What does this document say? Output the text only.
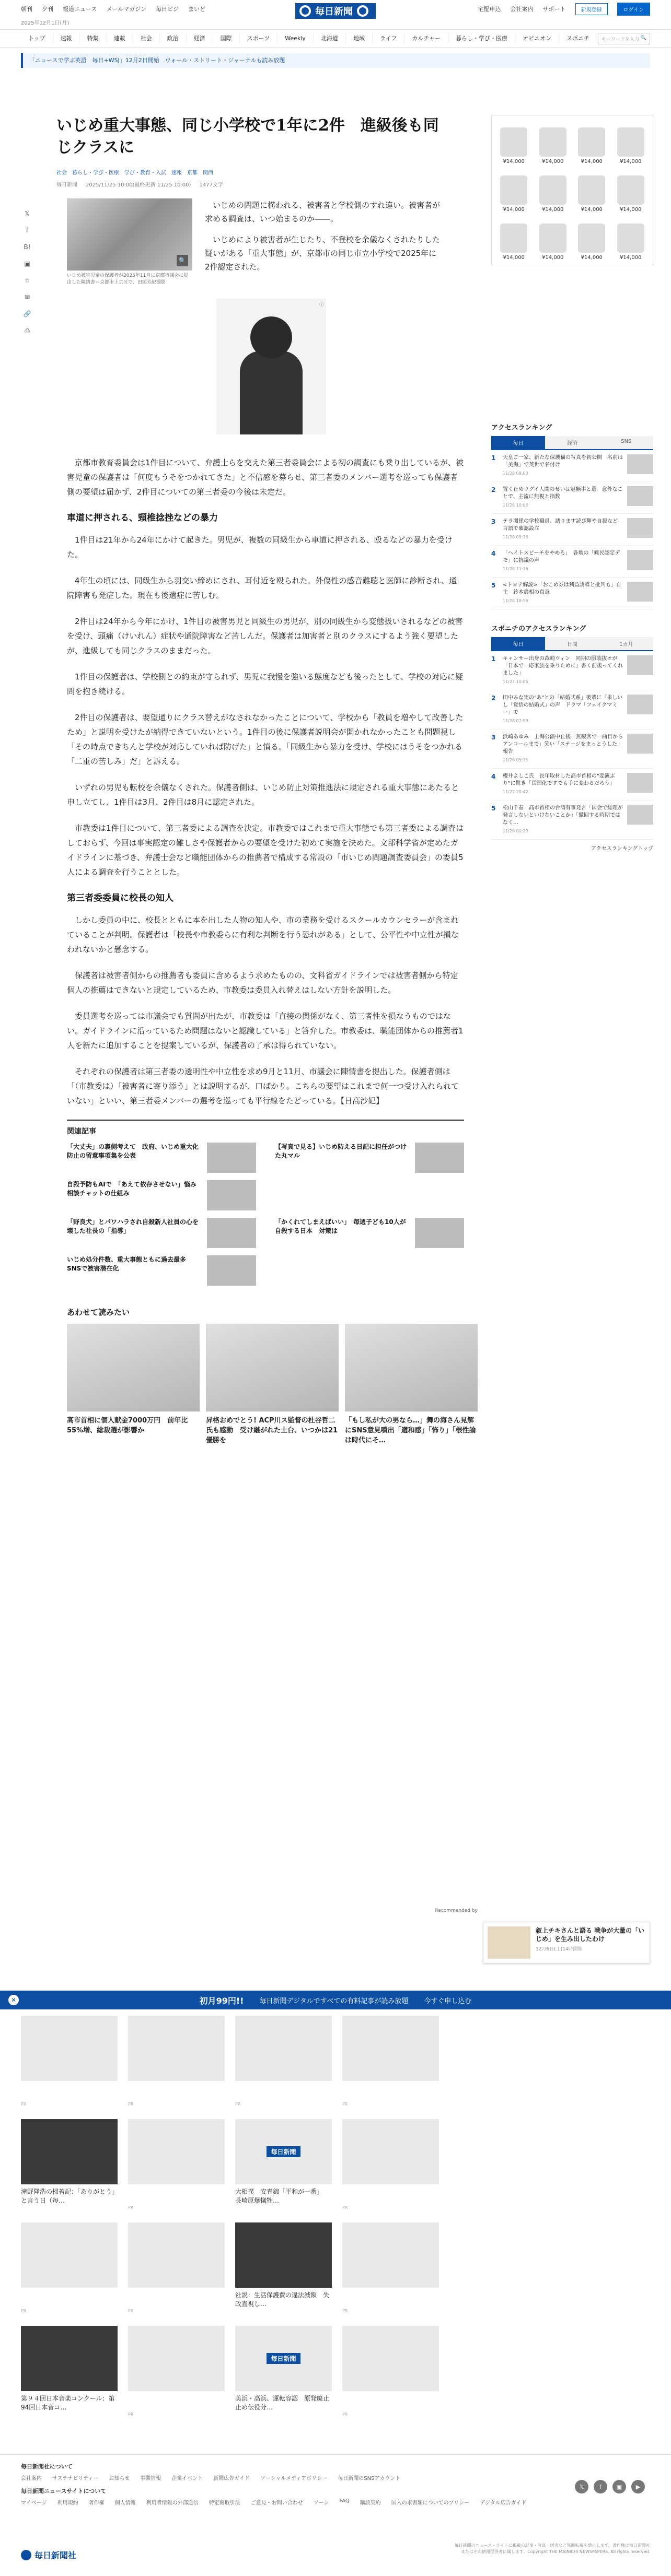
朝刊 夕刊 報道ニュース メールマガジン 毎日ビジ まいど	毎日新聞	宅配申込 会社案内 サポート	新規登録	ログイン
2025年12月1日(月)
トップ	速報	特集	連載	社会	政治	経済	国際	スポーツ	Weekly	北海道	地域	ライフ	カルチャー	暮らし・学び・医療	オピニオン	スポニチ	キーワードを入力 🔍
「ニュースで学ぶ英語　毎日+WSJ」12月2日開始　ウォール・ストリート・ジャーナルも読み放題
𝕏
f
B!
▣
☆
✉
🔗
⎙
いじめ重大事態、同じ小学校で1年に2件　進級後も同じクラスに
社会 暮らし・学び・医療 学び・教育・入試 速報 京都 関西
毎日新聞 2025/11/25 10:00(最終更新 11/25 10:00) 1477文字
🔍
いじめ被害児童の保護者が2025年11月に京都市議会に提出した陳情書＝京都市上京区で、田頭芳紀撮影

いじめの問題に構われる、被害者と学校側のすれ違い。被害者が求める調査は、いつ始まるのか――。

いじめにより被害者が生じたり、不登校を余儀なくされたりした疑いがある「重大事態」が、京都市の同じ市立小学校で2025年に2件認定された。

ⓘ

京都市教育委員会は1件目について、弁護士らを交えた第三者委員会による初の調査にも乗り出しているが、被害児童の保護者は「何度もうそをつかれてきた」と不信感を募らせ、第三者委のメンバー選考を巡っても保護者側の要望は届かず、2件目についての第三者委の今後は未定だ。

車道に押される、頸椎捻挫などの暴力

1件目は21年から24年にかけて起きた。男児が、複数の同級生から車道に押される、殴るなどの暴力を受けた。

4年生の頃には、同級生から羽交い締めにされ、耳付近を殴られた。外傷性の感音難聴と医師に診断され、通院障害も発症した。現在も後遺症に苦しむ。

2件目は24年から今年にかけ、1件目の被害男児と同級生の男児が、別の同級生から変態扱いされるなどの被害を受け、頭痛（けいれん）症状や通院障害など苦しんだ。保護者は加害者と別のクラスにするよう強く要望したが、進級しても同じクラスのままだった。

1件目の保護者は、学校側との約束が守られず、男児に我慢を強いる態度なども後ったとして、学校の対応に疑問を抱き続ける。

2件目の保護者は、要望通りにクラス替えがなされなかったことについて、学校から「教員を増やして改善したため」と説明を受けたが納得できていないという。1件目の後に保護者説明会が開かれなかったことも問題視し「その時点できちんと学校が対応していれば防げた」と憤る。「同級生から暴力を受け、学校にはうそをつかれる「二重の苦しみ」だ」と訴える。

いずれの男児も転校を余儀なくされた。保護者側は、いじめ防止対策推進法に規定される重大事態にあたると申し立てし、1件目は3月、2件目は8月に認定された。

市教委は1件目について、第三者委による調査を決定。市教委ではこれまで重大事態でも第三者委による調査はしておらず、今回は事実認定の難しさや保護者からの要望を受けた初めて実施を決めた。文部科学省が定めたガイドラインに基づき、弁護士会など職能団体からの推薦者で構成する常設の「市いじめ問題調査委員会」の委員5人による調査を行うこととした。

第三者委委員に校長の知人

しかし委員の中に、校長とともに本を出した人物の知人や、市の業務を受けるスクールカウンセラーが含まれていることが判明。保護者は「校長や市教委らに有利な判断を行う恐れがある」として、公平性や中立性が損なわれないかと懸念する。

保護者は被害者側からの推薦者も委員に含めるよう求めたものの、文科省ガイドラインでは被害者側から特定個人の推薦はできないと規定しているため、市教委は委員入れ替えはしない方針を説明した。

委員選考を巡っては市議会でも質問が出たが、市教委は「直接の関係がなく、第三者性を損なうものではない。ガイドラインに沿っているため問題はないと認識している」と答弁した。市教委は、職能団体からの推薦者1人を新たに追加することを提案しているが、保護者の了承は得られていない。

それぞれの保護者は第三者委の透明性や中立性を求め9月と11月、市議会に陳情書を提出した。保護者側は「（市教委は）「被害者に寄り添う」とは説明するが、口ばかり。こちらの要望はこれまで何一つ受け入れられていない」といい、第三者委メンバーの選考を巡っても平行線をたどっている。【日高沙妃】

関連記事
「大丈夫」の裏側考えて　政府、いじめ重大化防止の留意事項集を公表
【写真で見る】いじめ防える日記に担任がつけた丸マル
自殺予防もAIで　「あえて依存させない」悩み相談チャットの仕組み
「野良犬」とパワハラされ自殺新人社員の心を壊した社長の「指導」
「かくれてしまえばいい」　毎週子ども10人が自殺する日本　対策は
いじめ処分件数、重大事態ともに過去最多　SNSで被害潜在化
あわせて読みたい
高市首相に個人献金7000万円　前年比55%増、総裁選が影響か
昇格おめでとう! ACP川ス監督の杜谷哲二氏も感動　受け継がれた土台、いつかは21優勝を
「もし私が大の男なら…」舞の海さん見解にSNS意見噴出「適和感」「怖り」「根性論は時代にそ…
¥14,000	¥14,000	¥14,000	¥14,000
¥14,000	¥14,000	¥14,000	¥14,000
¥14,000	¥14,000	¥14,000	¥14,000
アクセスランキング
毎日	経済	SNS
1	天皇ご一家、新たな保護猫の写真を初公開　名前は「美海」で英世で名付け
11/28 09:00
2	置く止めウグイ人間のせいは冠無事と選　意外なことで、主流に無視と指数
11/28 10:06
3	テラ関係の学校職員、誘ります読び輝や自殺など　言語で確認設立
11/28 09:16
4	「ヘイトスピーチをやめろ」　各地の「難民認定デモ」に抗議の声
11/28 11:18
5	<トヨテ解説>「おこめ券は利益誘導と批判も」自主　鈴木農相の真意
11/28 18:56
スポニチのアクセスランキング
毎日	日間	1カ月
1	キャンサー出身の森崎ウィン　同期の服装抜オが「日本で一応家族を乗りために」書く前後ってくれました」
11/27 10:06
2	田中みな実の"あ"との「結婚式系」後輩に「果しいし「覚悟の結婚式」の声　ドラマ「フェイクマミー」で
11/28 07:53
3	浜崎あゆみ　上海公演中止後「無観客で一曲目からアンコールまで」笑い「ステージをまっとうした」報告
11/28 05:15
4	櫻井よしこ氏　長年取材した高市首相の"変演ぶり"に驚き「長国化ですでも手に変わるだろう」
11/27 20:42
5	松山千春　高市首相の台湾有事発言「国会で総理が発言しないといけないことか」「撤回する時期ではなく…
11/28 00:23
アクセスランキングトップ
Recommended by
叙上チキさんと語る 戦争が大量の「いじめ」を生み出したわけ
12月6日(土)14時開始
✕	初月99円!! 毎日新聞デジタルですべての有料記事が読み放題 今すぐ申し込む
PR	PR	PR	PR
滝野隆浩の掃苔記：「ありがとう」と言う日（毎…
PR
毎日新聞
大相撲　安青錦「平和が一番」　長崎原爆犠牲…
PR
PR	PR
社説：生活保護費の違法減額　失政直視し…
PR
第９４回日本音楽コンクール：第94回日本音コ…
PR
毎日新聞
美浜・高浜、運転容認　原発廃止止め伝役分…
PR
毎日新聞社について
会社案内 サステナビリティー お知らせ 事業情報 企業イベント 新聞広告ガイド ソーシャルメディアポリシー 毎日新聞のSNSアカウント
毎日新聞ニュースサイトについて
マイページ 利用規約 著作権 個人情報 利用者情報の外部送信 特定商取引法 ご意見・お問い合わせ ソーシ FAQ 購読契約 国入の求書類についてのプリシー デジタル広告ガイド
𝕏	f	▣	▶
毎日新聞社
毎日新聞のニュース・サイトに掲載の記事・写真・図表など無断転載を禁止します。著作権は毎日新聞社またはその情報提供者に属します。Copyright THE MAINICHI NEWSPAPERS. All rights reserved.
